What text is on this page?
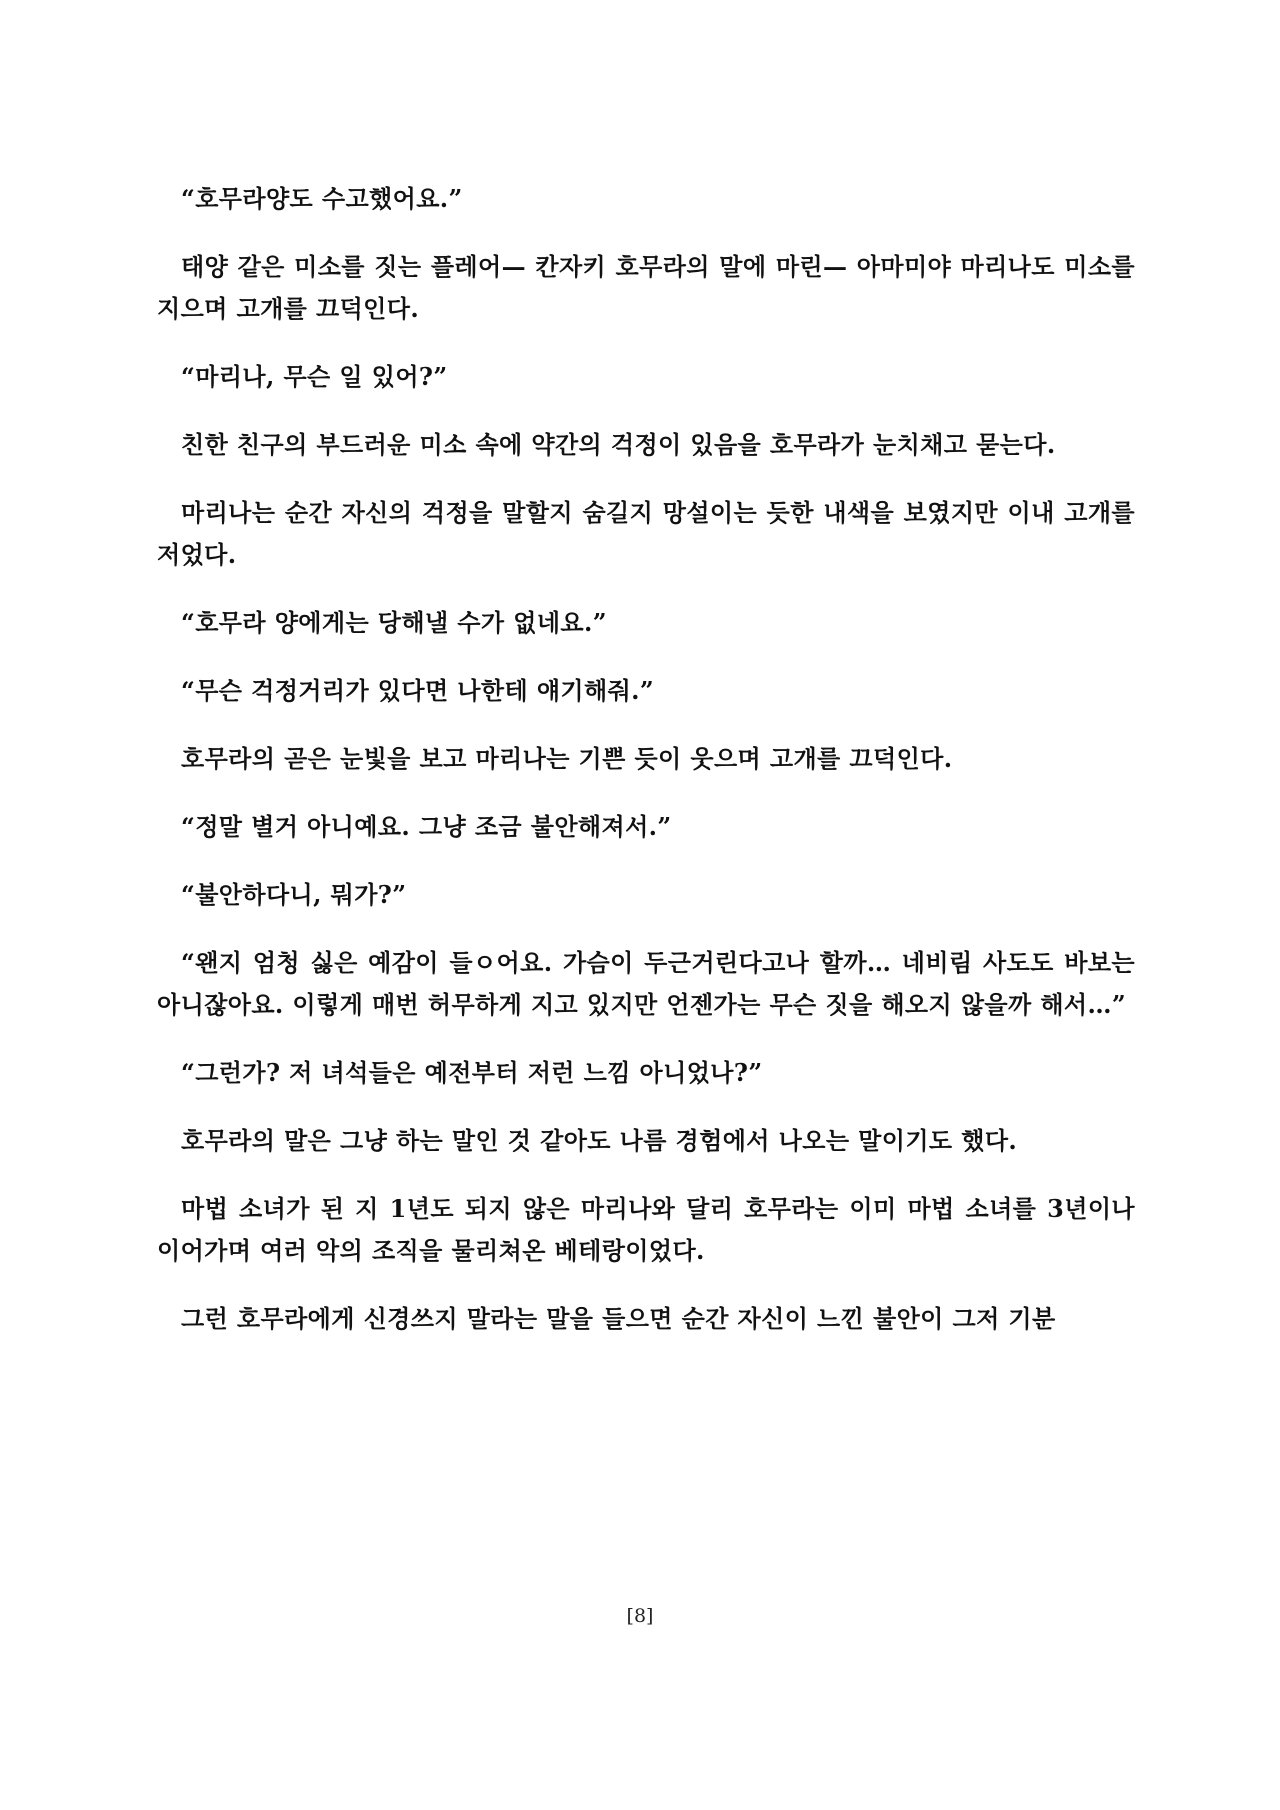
“호무라양도 수고했어요.”

태양 같은 미소를 짓는 플레어— 칸자키 호무라의 말에 마린— 아마미야 마리나도 미소를 지으며 고개를 끄덕인다.

“마리나, 무슨 일 있어?”

친한 친구의 부드러운 미소 속에 약간의 걱정이 있음을 호무라가 눈치채고 묻는다.

마리나는 순간 자신의 걱정을 말할지 숨길지 망설이는 듯한 내색을 보였지만 이내 고개를 저었다.

“호무라 양에게는 당해낼 수가 없네요.”

“무슨 걱정거리가 있다면 나한테 얘기해줘.”

호무라의 곧은 눈빛을 보고 마리나는 기쁜 듯이 웃으며 고개를 끄덕인다.

“정말 별거 아니예요. 그냥 조금 불안해져서.”

“불안하다니, 뭐가?”

“왠지 엄청 싫은 예감이 들ㅇ어요. 가슴이 두근거린다고나 할까… 네비림 사도도 바보는 아니잖아요. 이렇게 매번 허무하게 지고 있지만 언젠가는 무슨 짓을 해오지 않을까 해서…”

“그런가? 저 녀석들은 예전부터 저런 느낌 아니었나?”

호무라의 말은 그냥 하는 말인 것 같아도 나름 경험에서 나오는 말이기도 했다.

마법 소녀가 된 지 1년도 되지 않은 마리나와 달리 호무라는 이미 마법 소녀를 3년이나 이어가며 여러 악의 조직을 물리쳐온 베테랑이었다.

그런 호무라에게 신경쓰지 말라는 말을 들으면 순간 자신이 느낀 불안이 그저 기분

[8]
